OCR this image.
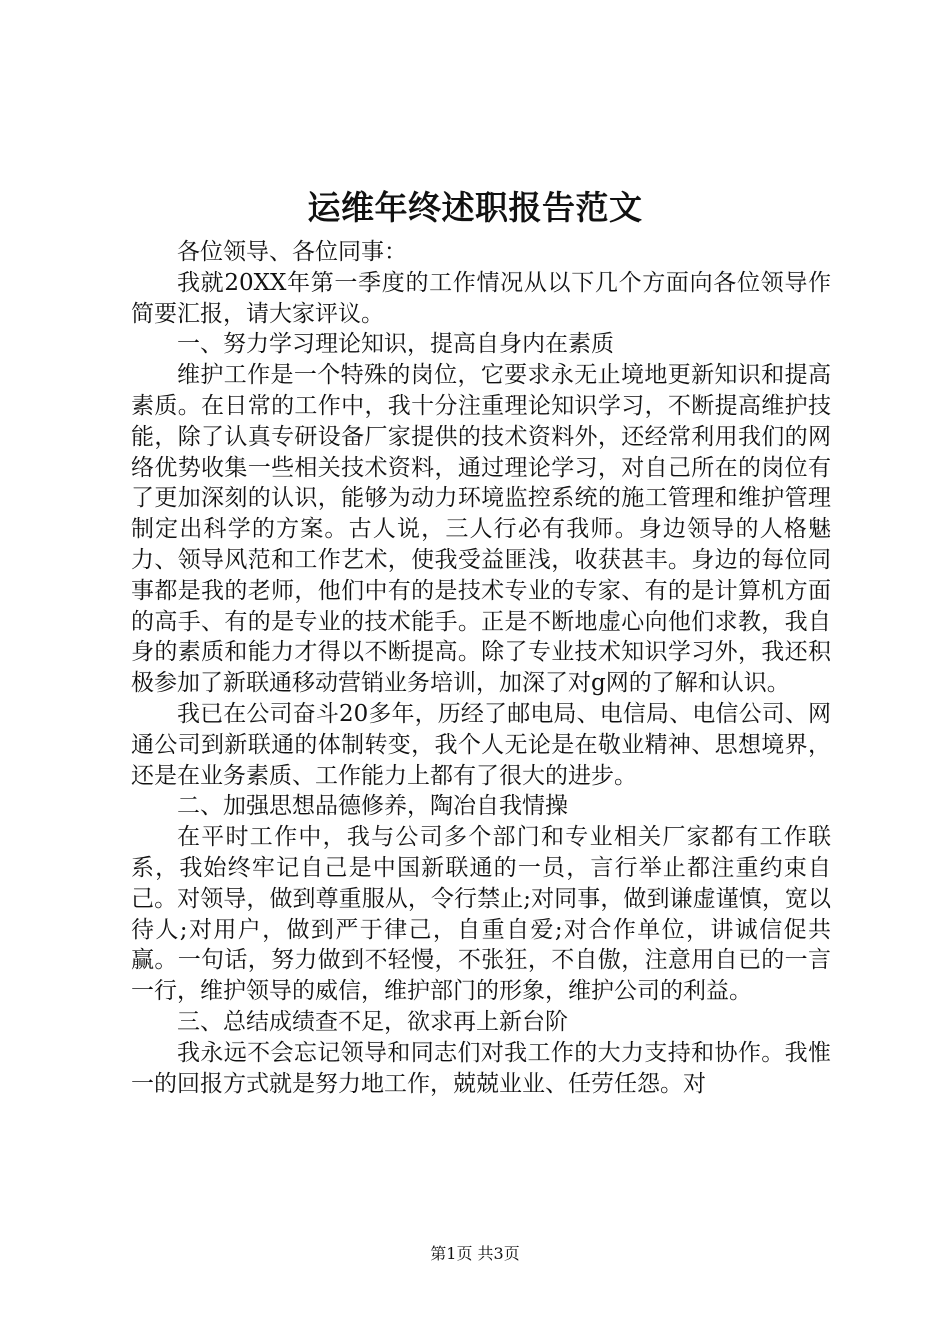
运维年终述职报告范文

各位领导、各位同事：

我就20XX年第一季度的工作情况从以下几个方面向各位领导作简要汇报，请大家评议。

一、努力学习理论知识，提高自身内在素质

维护工作是一个特殊的岗位，它要求永无止境地更新知识和提高素质。在日常的工作中，我十分注重理论知识学习，不断提高维护技能，除了认真专研设备厂家提供的技术资料外，还经常利用我们的网络优势收集一些相关技术资料，通过理论学习，对自己所在的岗位有了更加深刻的认识，能够为动力环境监控系统的施工管理和维护管理制定出科学的方案。古人说，三人行必有我师。身边领导的人格魅力、领导风范和工作艺术，使我受益匪浅，收获甚丰。身边的每位同事都是我的老师，他们中有的是技术专业的专家、有的是计算机方面的高手、有的是专业的技术能手。正是不断地虚心向他们求教，我自身的素质和能力才得以不断提高。除了专业技术知识学习外，我还积极参加了新联通移动营销业务培训，加深了对g网的了解和认识。

我已在公司奋斗20多年，历经了邮电局、电信局、电信公司、网通公司到新联通的体制转变，我个人无论是在敬业精神、思想境界，还是在业务素质、工作能力上都有了很大的进步。

二、加强思想品德修养，陶冶自我情操

在平时工作中，我与公司多个部门和专业相关厂家都有工作联系，我始终牢记自己是中国新联通的一员，言行举止都注重约束自己。对领导，做到尊重服从，令行禁止;对同事，做到谦虚谨慎，宽以待人;对用户，做到严于律己，自重自爱;对合作单位，讲诚信促共赢。一句话，努力做到不轻慢，不张狂，不自傲，注意用自已的一言一行，维护领导的威信，维护部门的形象，维护公司的利益。

三、总结成绩查不足，欲求再上新台阶

我永远不会忘记领导和同志们对我工作的大力支持和协作。我惟一的回报方式就是努力地工作，兢兢业业、任劳任怨。对

第1页 共3页
